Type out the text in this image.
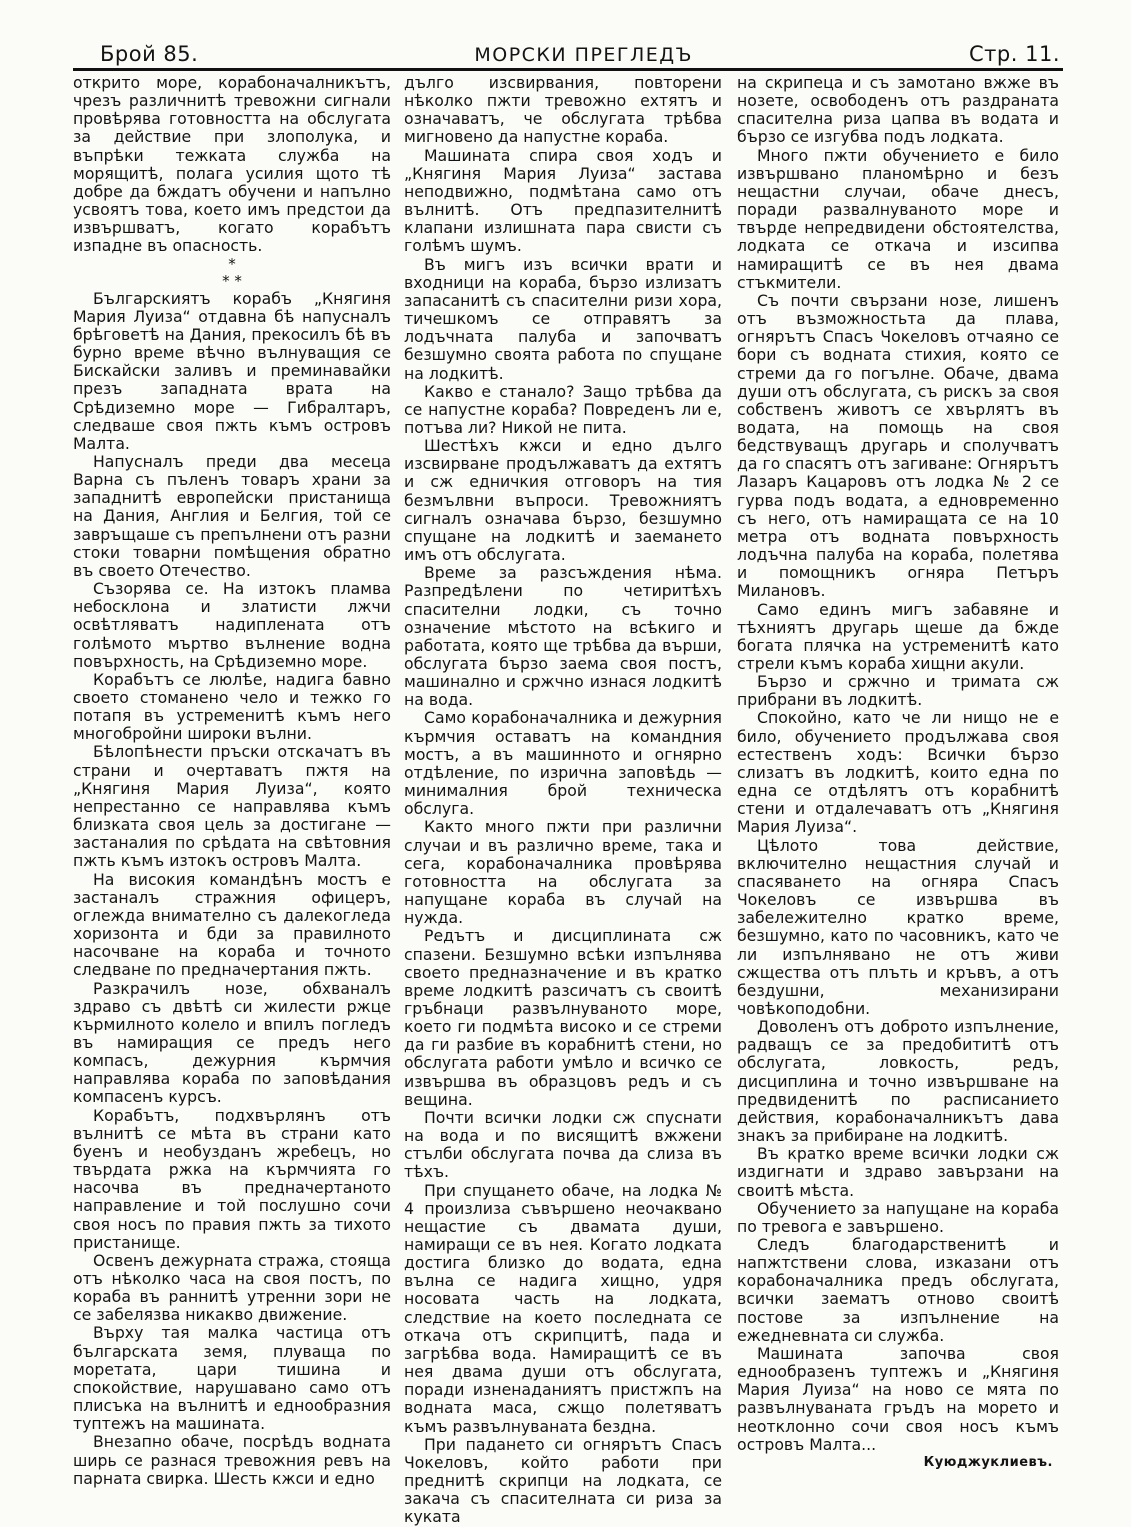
Брой 85.	МОРСКИ ПРЕГЛЕДЪ	Стр. 11.

откритo море, корабоначалникътъ, чрезъ различнитѣ тревожни сигнали провѣрява готовността на обслугата за действие при злополука, и въпрѣки тежката служба на морящитѣ, полага усилия щото тѣ добре да бждатъ обучени и напълно усвоятъ това, което имъ предстои да извършватъ, когато корабътъ изпадне въ опасность.

*
* *

Българскиятъ корабъ „Княгиня Мария Луиза“ отдавна бѣ напусналъ брѣговетѣ на Дания, прекосилъ бѣ въ бурно време вѣчно вълнуващия се Бискайски заливъ и преминавайки презъ западната врата на Срѣдиземно море — Гибралтаръ, следваше своя пжть къмъ островъ Малта.

Напусналъ преди два месеца Варна съ пъленъ товаръ храни за западнитѣ европейски пристанища на Дания, Англия и Белгия, той се завръщаше съ препълнени отъ разни стоки товарни помѣщения обратно въ своето Отечество.

Съзорява се. На изтокъ пламва небосклона и златисти лжчи освѣтляватъ надиплената отъ голѣмото мъртво вълнение водна повърхность, на Срѣдиземно море.

Корабътъ се люлѣе, надига бавно своето стоманено чело и тежко го потапя въ устременитѣ къмъ него многобройни широки вълни.

Бѣлопѣнести пръски отскачатъ въ страни и очертаватъ пжтя на „Княгиня Мария Луиза“, която непрестанно се направлява къмъ близката своя цель за достигане — застаналия по срѣдата на свѣтовния пжть къмъ изтокъ островъ Малта.

На високия командѣнъ мостъ е застаналъ стражния офицеръ, оглежда внимателно съ далекогледа хоризонта и бди за правилното насочване на кораба и точното следване по предначертания пжть.

Разкрачилъ нозе, обхваналъ здраво съ двѣтѣ си жилести ржце кърмилното колело и впилъ погледъ въ намиращия се предъ него компасъ, дежурния кърмчия направлява кораба по заповѣдания компасенъ курсъ.

Корабътъ, подхвърлянъ отъ вълнитѣ се мѣта въ страни като буенъ и необузданъ жребецъ, но твърдата ржка на кърмчията го насочва въ предначертаното направление и той послушно сочи своя носъ по правия пжть за тихото пристанище.

Освенъ дежурната стража, стояща отъ нѣколко часа на своя постъ, по кораба въ раннитѣ утренни зори не се забелязва никакво движение.

Върху тая малка частица отъ българската земя, плуваща по моретата, цари тишина и спокойствие, нарушавано само отъ плисъка на вълнитѣ и еднообразния туптежъ на машината.

Внезапно обаче, посрѣдъ водната ширь се разнася тревожния ревъ на парната свирка. Шесть кжси и едно

дълго изсвирвания, повторени нѣколко пжти тревожно ехтятъ и означаватъ, че обслугата трѣбва мигновено да напустне кораба.

Машината спира своя ходъ и „Княгиня Мария Луиза“ застава неподвижно, подмѣтана само отъ вълнитѣ. Отъ предпазителнитѣ клапани излишната пара свисти съ голѣмъ шумъ.

Въ мигъ изъ всички врати и входници на кораба, бързо излизатъ запасанитѣ съ спасителни ризи хора, тичешкомъ се отправятъ за лодъчната палуба и започватъ безшумно своята работа по спущане на лодкитѣ.

Какво е станало? Защо трѣбва да се напустне кораба? Повреденъ ли е, потъва ли? Никой не пита.

Шестѣхъ кжси и едно дълго изсвирване продължаватъ да ехтятъ и сж едничкия отговоръ на тия безмълвни въпроси. Тревожниятъ сигналъ означава бързо, безшумно спущане на лодкитѣ и заемането имъ отъ обслугата.

Време за разсъждения нѣма. Разпредѣлени по четиритѣхъ спасителни лодки, съ точно означение мѣстото на всѣкиго и работата, която ще трѣбва да върши, обслугата бързо заема своя постъ, машинално и сржчно изнася лодкитѣ на вода.

Само корабоначалника и дежурния кърмчия оставатъ на командния мостъ, а въ машинното и огнярно отдѣление, по изрична заповѣдь — минималния брой техническа обслуга.

Както много пжти при различни случаи и въ различно време, така и сега, корабоначалника провѣрява готовността на обслугата за напущане кораба въ случай на нужда.

Редътъ и дисциплината сж спазени. Безшумно всѣки изпълнява своето предназначение и въ кратко време лодкитѣ разсичатъ съ своитѣ гръбнаци развълнуваното море, което ги подмѣта високо и се стреми да ги разбие въ корабнитѣ стени, но обслугата работи умѣло и всичко се извършва въ образцовъ редъ и съ вещина.

Почти всички лодки сж спуснати на вода и по висящитѣ вжжени стълби обслугата почва да слиза въ тѣхъ.

При спущането обаче, на лодка № 4 произлиза съвършено неочаквано нещастие съ двамата души, намиращи се въ нея. Когато лодката достига близко до водата, една вълна се надига хищно, удря носовата часть на лодката, следствие на което последната се откача отъ скрипцитѣ, пада и загрѣбва вода. Намиращитѣ се въ нея двама души отъ обслугата, поради изненаданиятъ пристжпъ на водната маса, сжщо полетяватъ къмъ развълнуваната бездна.

При падането си огнярътъ Спасъ Чокеловъ, който работи при преднитѣ скрипци на лодката, се закача съ спасителната си риза за куката

на скрипеца и съ замотано вжже въ нозете, освободенъ отъ раздраната спасителна риза цапва въ водата и бързо се изгубва подъ лодката.

Много пжти обучението е било извършвано планомѣрно и безъ нещастни случаи, обаче днесъ, поради развалнуваното море и твърде непредвидени обстоятелства, лодката се откача и изсипва намиращитѣ се въ нея двама стъкмители.

Съ почти свързани нозе, лишенъ отъ възможностьта да плава, огнярътъ Спасъ Чокеловъ отчаяно се бори съ водната стихия, която се стреми да го погълне. Обаче, двама души отъ обслугата, съ рискъ за своя собственъ животъ се хвърлятъ въ водата, на помощь на своя бедствуващъ другарь и сполучватъ да го спасятъ отъ загиване: Огнярътъ Лазаръ Кацаровъ отъ лодка № 2 се гурва подъ водата, а едновременно съ него, отъ намиращата се на 10 метра отъ водната повърхность лодъчна палуба на кораба, полетява и помощникъ огняра Петъръ Милановъ.

Само единъ мигъ забавяне и тѣхниятъ другарь щеше да бжде богата плячка на устременитѣ като стрели къмъ кораба хищни акули.

Бързо и сржчно и тримата сж прибрани въ лодкитѣ.

Спокойно, като че ли нищо не е било, обучението продължава своя естественъ ходъ: Всички бързо слизатъ въ лодкитѣ, които една по една се отдѣлятъ отъ корабнитѣ стени и отдалечаватъ отъ „Княгиня Мария Луиза“.

Цѣлото това действие, включително нещастния случай и спасяването на огняра Спасъ Чокеловъ се извършва въ забележително кратко време, безшумно, като по часовникъ, като че ли изпълнявано не отъ живи сжщества отъ плъть и кръвъ, а отъ бездушни, механизирани човѣкоподобни.

Доволенъ отъ доброто изпълнение, радващъ се за предобититѣ отъ обслугата, ловкость, редъ, дисциплина и точно извършване на предвиденитѣ по расписанието действия, корабоначалникътъ дава знакъ за прибиране на лодкитѣ.

Въ кратко време всички лодки сж издигнати и здраво завързани на своитѣ мѣста.

Обучението за напущане на кораба по тревога е завършено.

Следъ благодарственитѣ и напжтствени слова, изказани отъ корабоначалника предъ обслугата, всички заематъ отново своитѣ постове за изпълнение на ежедневната си служба.

Машината започва своя еднообразенъ туптежъ и „Княгиня Мария Луиза“ на ново се мята по развълнуваната гръдъ на морето и неотклонно сочи своя носъ къмъ островъ Малта...

Куюджуклиевъ.
